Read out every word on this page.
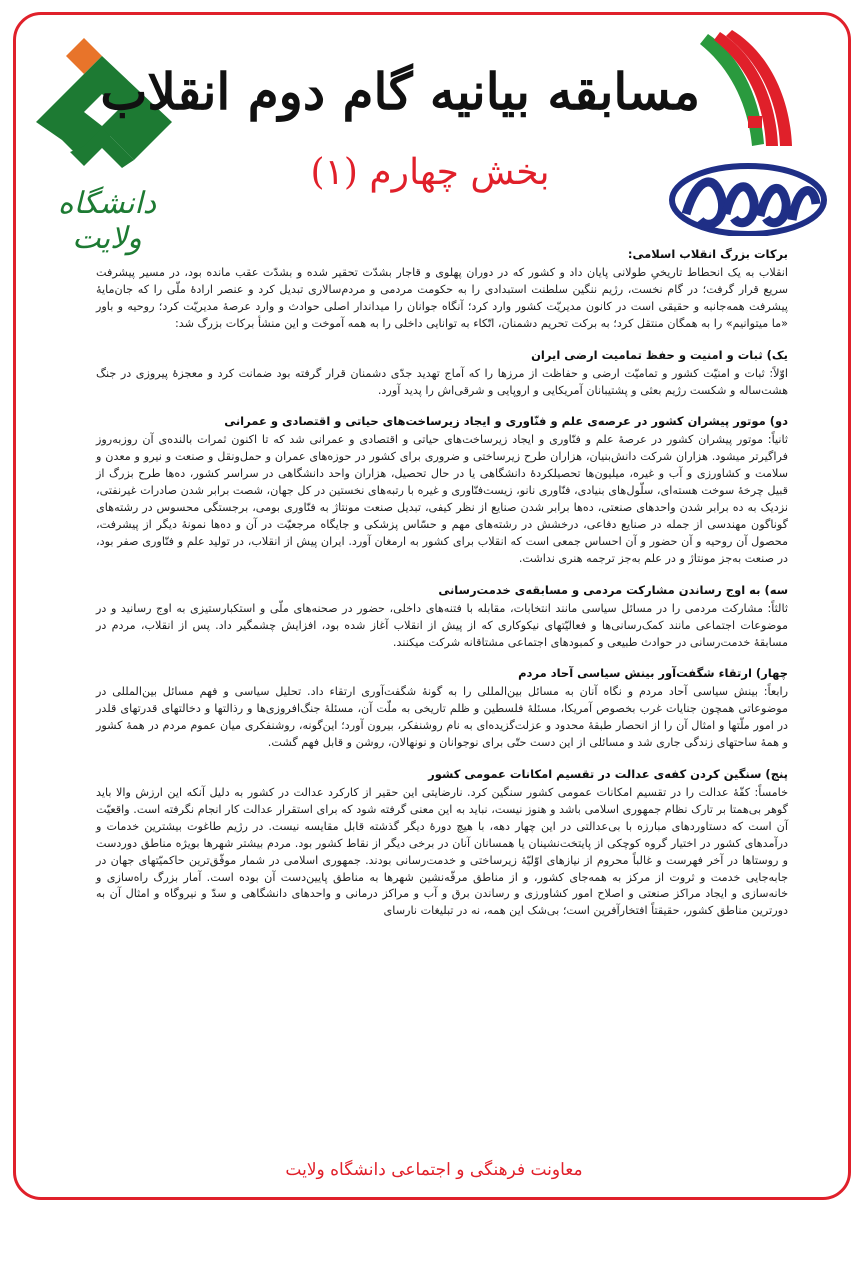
دانشگاه ولایت
مسابقه بیانیه گام دوم انقلاب
بخش چهارم (۱)
برکات بزرگ انقلاب اسلامی:

انقلاب به یک انحطاط تاریخیِ طولانی پایان داد و کشور که در دوران پهلوی و قاجار بشدّت تحقیر شده و بشدّت عقب مانده بود، در مسیر پیشرفت سریع قرار گرفت؛ در گام نخست، رژیم ننگین سلطنت استبدادی را به حکومت مردمی و مردم‌سالاری تبدیل کرد و عنصر ارادۀ ملّی را که جان‌مایۀ پیشرفت همه‌جانبه و حقیقی است در کانون مدیریّت کشور وارد کرد؛ آنگاه جوانان را میداندار اصلی حوادث و وارد عرصۀ مدیریّت کرد؛ روحیه و باور «ما میتوانیم» را به همگان منتقل کرد؛ به برکت تحریم دشمنان، اتّکاء به توانایی داخلی را به همه آموخت و این منشأ برکات بزرگ شد:

یک) ثبات و امنیت و حفظ تمامیت ارضی ایران

اوّلاً: ثبات و امنیّت کشور و تمامیّت ارضی و حفاظت از مرزها را که آماج تهدید جدّی دشمنان قرار گرفته بود ضمانت کرد و معجزۀ پیروزی در جنگ هشت‌ساله و شکست رژیم بعثی و پشتیبانان آمریکایی و اروپایی و شرقی‌اش را پدید آورد.

دو) موتور پیشران کشور در عرصه‌ی علم و فنّاوری و ایجاد زیرساخت‌های حیاتی و اقتصادی و عمرانی

ثانیاً: موتور پیشران کشور در عرصۀ علم و فنّاوری و ایجاد زیرساخت‌های حیاتی و اقتصادی و عمرانی شد که تا اکنون ثمرات بالنده‌ی آن روزبه‌روز فراگیرتر میشود. هزاران شرکت دانش‌بنیان، هزاران طرح زیرساختی و ضروری برای کشور در حوزه‌های عمران و حمل‌ونقل و صنعت و نیرو و معدن و سلامت و کشاورزی و آب و غیره، میلیون‌ها تحصیلکردۀ دانشگاهی یا در حال تحصیل، هزاران واحد دانشگاهی در سراسر کشور، ده‌ها طرح بزرگ از قبیل چرخۀ سوخت هسته‌ای، سلّول‌های بنیادی، فنّاوری نانو، زیست‌فنّاوری و غیره با رتبه‌های نخستین در کل جهان، شصت برابر شدن صادرات غیرنفتی، نزدیک به ده برابر شدن واحدهای صنعتی، ده‌ها برابر شدن صنایع از نظر کیفی، تبدیل صنعت مونتاژ به فنّاوری بومی، برجستگی محسوس در رشته‌های گوناگون مهندسی از جمله در صنایع دفاعی، درخشش در رشته‌های مهم و حسّاس پزشکی و جایگاه مرجعیّت در آن و ده‌ها نمونۀ دیگر از پیشرفت، محصول آن روحیه و آن حضور و آن احساس جمعی است که انقلاب برای کشور به ارمغان آورد. ایران پیش از انقلاب، در تولید علم و فنّاوری صفر بود، در صنعت به‌جز مونتاژ و در علم به‌جز ترجمه هنری نداشت.

سه) به اوج رساندن مشارکت مردمی و مسابقه‌ی خدمت‌رسانی

ثالثاً: مشارکت مردمی را در مسائل سیاسی مانند انتخابات، مقابله با فتنه‌های داخلی، حضور در صحنه‌های ملّی و استکبارستیزی به اوج رسانید و در موضوعات اجتماعی مانند کمک‌رسانی‌ها و فعالیّتهای نیکوکاری که از پیش از انقلاب آغاز شده بود، افزایش چشمگیر داد. پس از انقلاب، مردم در مسابقۀ خدمت‌رسانی در حوادث طبیعی و کمبودهای اجتماعی مشتاقانه شرکت میکنند.

چهار) ارتقاء شگفت‌آور بینش سیاسی آحاد مردم

رابعاً: بینش سیاسی آحاد مردم و نگاه آنان به مسائل بین‌المللی را به گونۀ شگفت‌آوری ارتقاء داد. تحلیل سیاسی و فهم مسائل بین‌المللی در موضوعاتی همچون جنایات غرب بخصوص آمریکا، مسئلۀ فلسطین و ظلم تاریخی به ملّت آن، مسئلۀ جنگ‌افروزی‌ها و رذالتها و دخالتهای قدرتهای قلدر در امور ملّتها و امثال آن را از انحصار طبقۀ محدود و عزلت‌گزیده‌ای به نام روشنفکر، بیرون آورد؛ این‌گونه، روشنفکری میان عموم مردم در همۀ کشور و همۀ ساحتهای زندگی جاری شد و مسائلی از این دست حتّی برای نوجوانان و نونهالان، روشن و قابل فهم گشت.

پنج) سنگین کردن کفه‌ی عدالت در تقسیم امکانات عمومی کشور

خامساً: کفّۀ عدالت را در تقسیم امکانات عمومی کشور سنگین کرد. نارضایتی این حقیر از کارکرد عدالت در کشور به دلیل آنکه این ارزش والا باید گوهر بی‌همتا بر تارک نظام جمهوری اسلامی باشد و هنوز نیست، نباید به این معنی گرفته شود که برای استقرار عدالت کار انجام نگرفته است. واقعیّت آن است که دستاوردهای مبارزه با بی‌عدالتی در این چهار دهه، با هیچ دورۀ دیگر گذشته قابل مقایسه نیست. در رژیم طاغوت بیشترین خدمات و درآمدهای کشور در اختیار گروه کوچکی از پایتخت‌نشینان یا همسانان آنان در برخی دیگر از نقاط کشور بود. مردم بیشتر شهرها بویژه مناطق دوردست و روستاها در آخر فهرست و غالباً محروم از نیازهای اوّلیّۀ زیرساختی و خدمت‌رسانی بودند. جمهوری اسلامی در شمار موفّق‌ترین حاکمیّتهای جهان در جابه‌جایی خدمت و ثروت از مرکز به همه‌جای کشور، و از مناطق مرفّه‌نشین شهرها به مناطق پایین‌دست آن بوده است. آمار بزرگ راه‌سازی و خانه‌سازی و ایجاد مراکز صنعتی و اصلاح امور کشاورزی و رساندن برق و آب و مراکز درمانی و واحدهای دانشگاهی و سدّ و نیروگاه و امثال آن به دورترین مناطق کشور، حقیقتاً افتخارآفرین است؛ بی‌شک این همه، نه در تبلیغات نارسای

معاونت فرهنگی و اجتماعی دانشگاه ولایت
